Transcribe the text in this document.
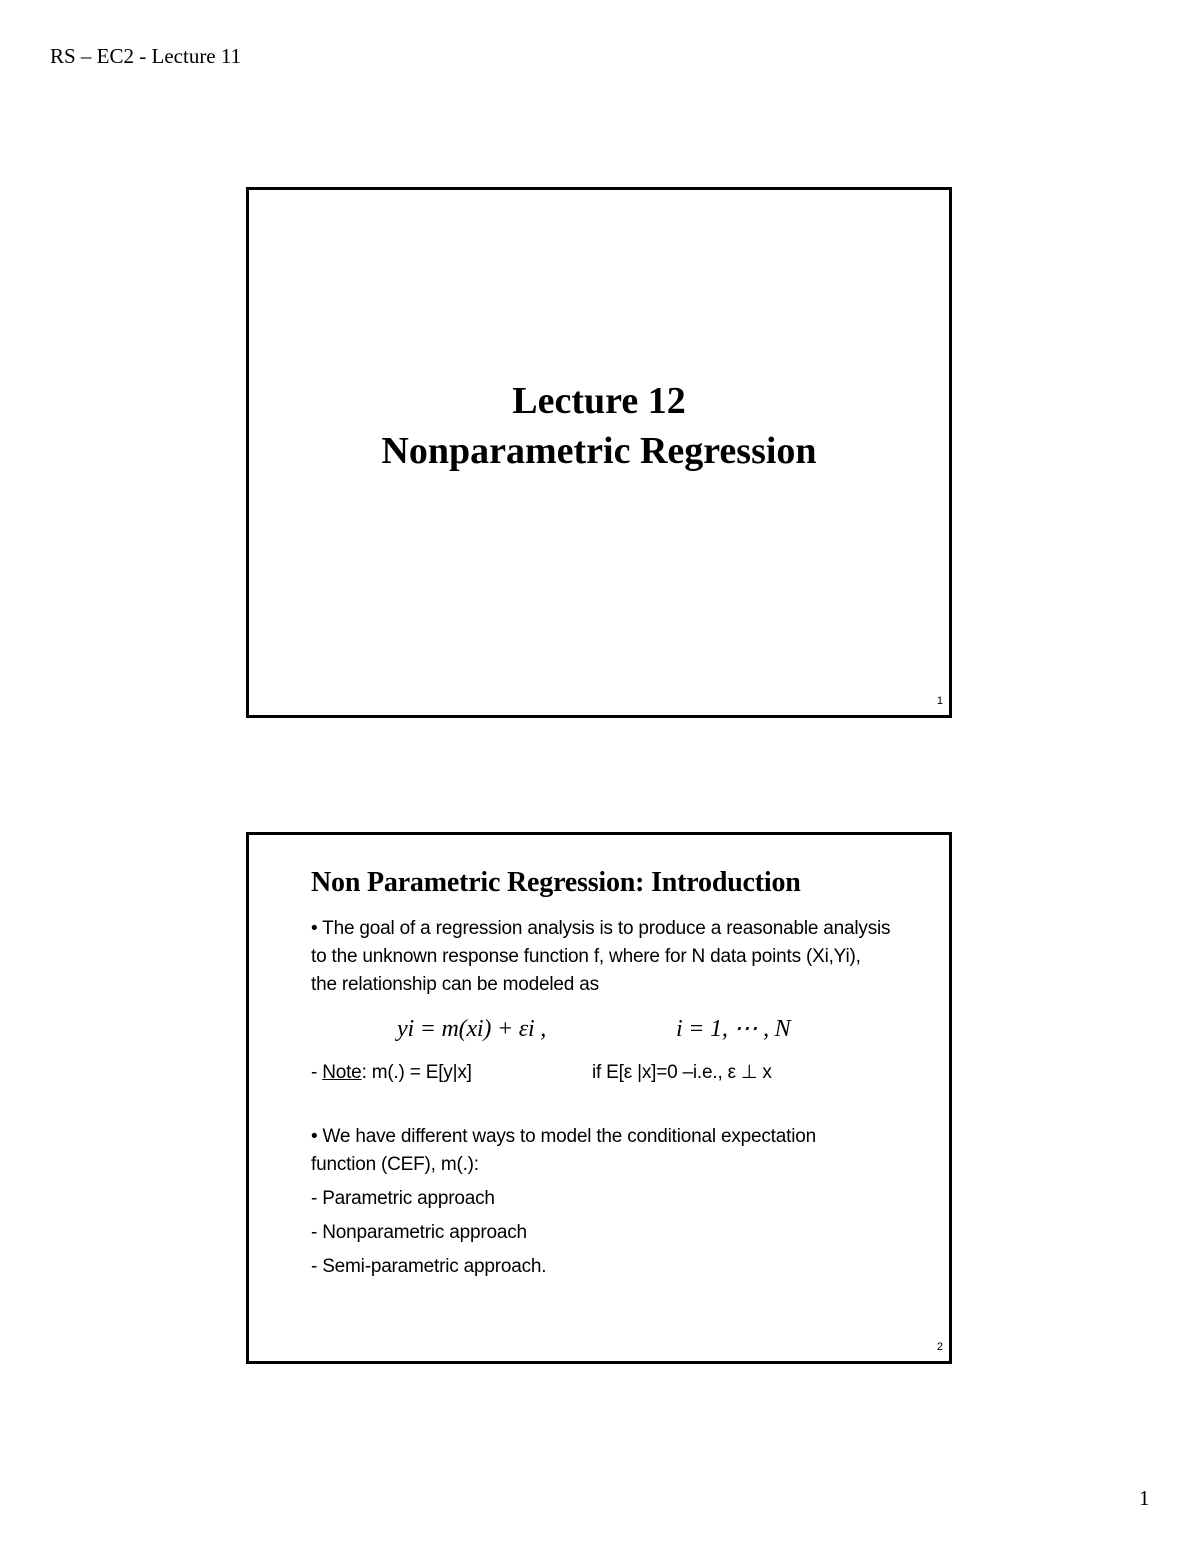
RS – EC2 - Lecture 11
Lecture 12
Nonparametric Regression
1
Non Parametric Regression: Introduction

• The goal of a regression analysis is to produce a reasonable analysis

to the unknown response function f, where for N data points (Xi,Yi),

the relationship can be modeled as

yi = m(xi) + εi ,	i = 1, ⋯ , N
- Note: m(.) = E[y|x]	if E[ε |x]=0 –i.e., ε ⊥ x

• We have different ways to model the conditional expectation

function (CEF), m(.):

- Parametric approach

- Nonparametric approach

- Semi-parametric approach.

2
1
